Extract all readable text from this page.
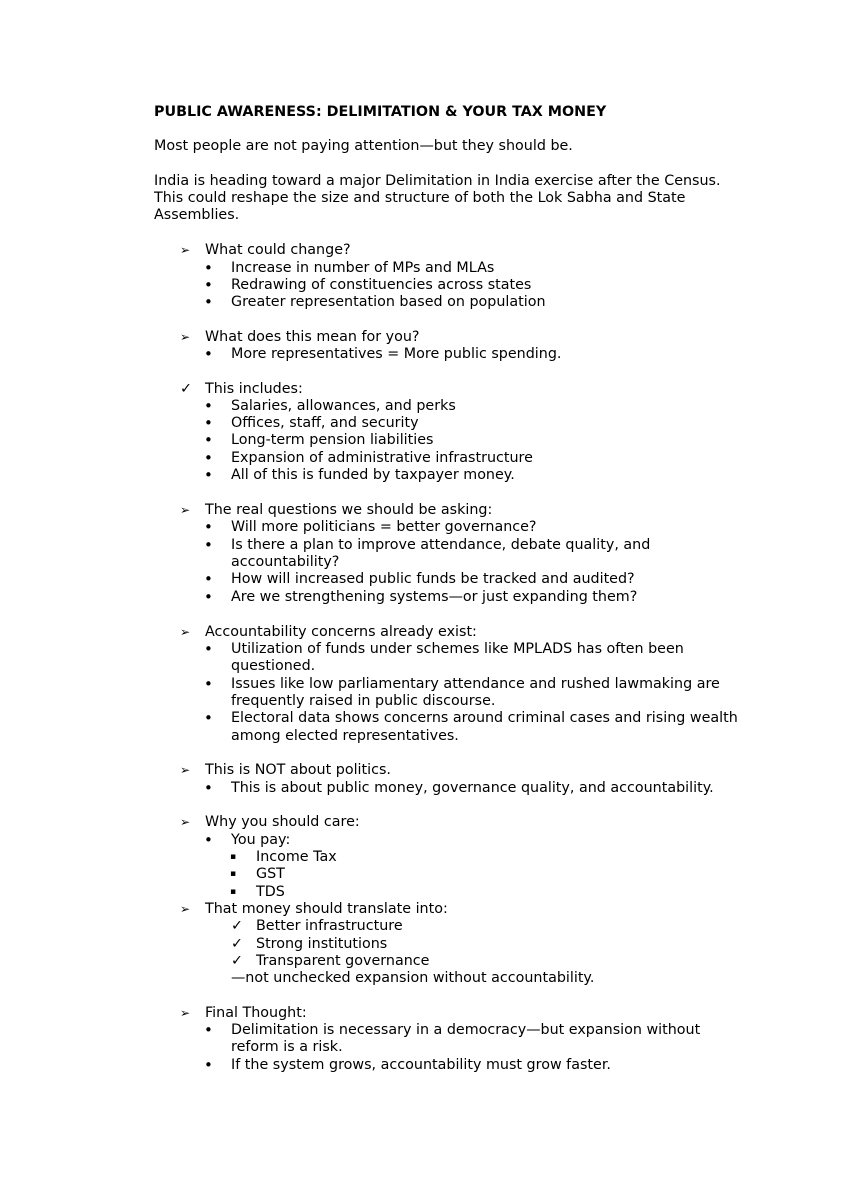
PUBLIC AWARENESS: DELIMITATION & YOUR TAX MONEY
Most people are not paying attention—but they should be.
India is heading toward a major Delimitation in India exercise after the Census.
This could reshape the size and structure of both the Lok Sabha and State
Assemblies.
➢ What could change?
• Increase in number of MPs and MLAs
• Redrawing of constituencies across states
• Greater representation based on population
➢ What does this mean for you?
• More representatives = More public spending.
✓ This includes:
• Salaries, allowances, and perks
• Offices, staff, and security
• Long-term pension liabilities
• Expansion of administrative infrastructure
• All of this is funded by taxpayer money.
➢ The real questions we should be asking:
• Will more politicians = better governance?
• Is there a plan to improve attendance, debate quality, and
accountability?
• How will increased public funds be tracked and audited?
• Are we strengthening systems—or just expanding them?
➢ Accountability concerns already exist:
• Utilization of funds under schemes like MPLADS has often been
questioned.
• Issues like low parliamentary attendance and rushed lawmaking are
frequently raised in public discourse.
• Electoral data shows concerns around criminal cases and rising wealth
among elected representatives.
➢ This is NOT about politics.
• This is about public money, governance quality, and accountability.
➢ Why you should care:
• You pay:
▪ Income Tax
▪ GST
▪ TDS
➢ That money should translate into:
✓ Better infrastructure
✓ Strong institutions
✓ Transparent governance
—not unchecked expansion without accountability.
➢ Final Thought:
• Delimitation is necessary in a democracy—but expansion without
reform is a risk.
• If the system grows, accountability must grow faster.
